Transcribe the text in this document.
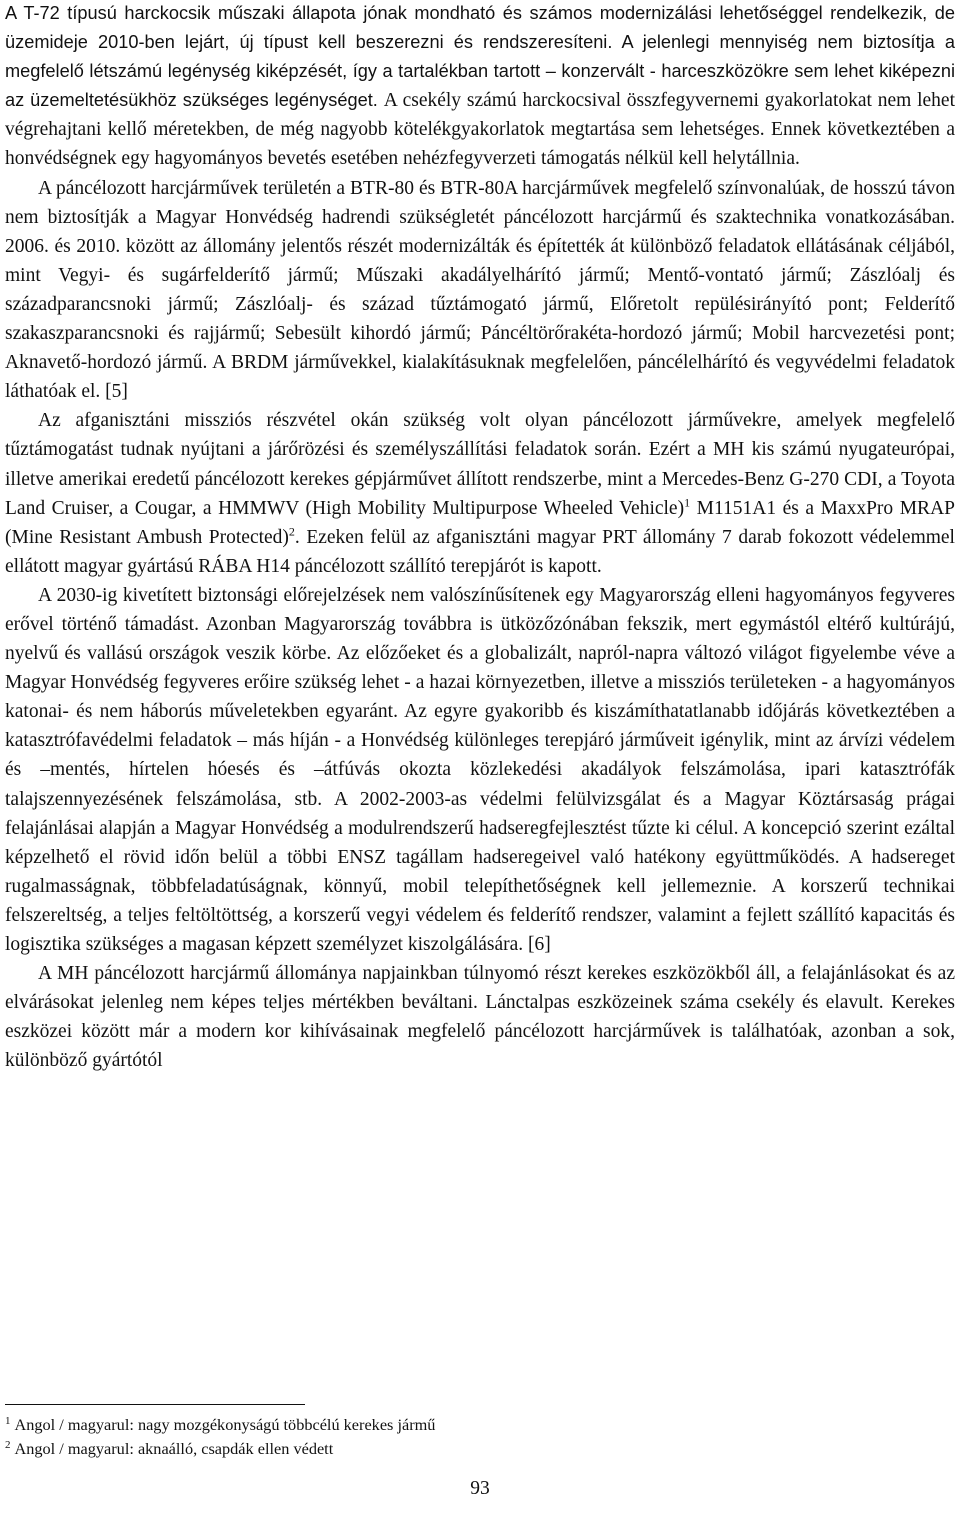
A T-72 típusú harckocsik műszaki állapota jónak mondható és számos modernizálási lehetőséggel rendelkezik, de üzemideje 2010-ben lejárt, új típust kell beszerezni és rendszeresíteni. A jelenlegi mennyiség nem biztosítja a megfelelő létszámú legénység kiképzését, így a tartalékban tartott – konzervált - harceszközökre sem lehet kiképezni az üzemeltetésükhöz szükséges legénységet. A csekély számú harckocsival összfegyvernemi gyakorlatokat nem lehet végrehajtani kellő méretekben, de még nagyobb kötelékgyakorlatok megtartása sem lehetséges. Ennek következtében a honvédségnek egy hagyományos bevetés esetében nehézfegyverzeti támogatás nélkül kell helytállnia.

A páncélozott harcjárművek területén a BTR-80 és BTR-80A harcjárművek megfelelő színvonalúak, de hosszú távon nem biztosítják a Magyar Honvédség hadrendi szükségletét páncélozott harcjármű és szaktechnika vonatkozásában. 2006. és 2010. között az állomány jelentős részét modernizálták és építették át különböző feladatok ellátásának céljából, mint Vegyi- és sugárfelderítő jármű; Műszaki akadályelhárító jármű; Mentő-vontató jármű; Zászlóalj és századparancsnoki jármű; Zászlóalj- és század tűztámogató jármű, Előretolt repülésirányító pont; Felderítő szakaszparancsnoki és rajjármű; Sebesült kihordó jármű; Páncéltörőrakéta-hordozó jármű; Mobil harcvezetési pont; Aknavető-hordozó jármű. A BRDM járművekkel, kialakításuknak megfelelően, páncélelhárító és vegyvédelmi feladatok láthatóak el. [5]

Az afganisztáni missziós részvétel okán szükség volt olyan páncélozott járművekre, amelyek megfelelő tűztámogatást tudnak nyújtani a járőrözési és személyszállítási feladatok során. Ezért a MH kis számú nyugateurópai, illetve amerikai eredetű páncélozott kerekes gépjárművet állított rendszerbe, mint a Mercedes-Benz G-270 CDI, a Toyota Land Cruiser, a Cougar, a HMMWV (High Mobility Multipurpose Wheeled Vehicle)$^1$ M1151A1 és a MaxxPro MRAP (Mine Resistant Ambush Protected)$^2$. Ezeken felül az afganisztáni magyar PRT állomány 7 darab fokozott védelemmel ellátott magyar gyártású RÁBA H14 páncélozott szállító terepjárót is kapott.

A 2030-ig kivetített biztonsági előrejelzések nem valószínűsítenek egy Magyarország elleni hagyományos fegyveres erővel történő támadást. Azonban Magyarország továbbra is ütközőzónában fekszik, mert egymástól eltérő kultúrájú, nyelvű és vallású országok veszik körbe. Az előzőeket és a globalizált, napról-napra változó világot figyelembe véve a Magyar Honvédség fegyveres erőire szükség lehet - a hazai környezetben, illetve a missziós területeken - a hagyományos katonai- és nem háborús műveletekben egyaránt. Az egyre gyakoribb és kiszámíthatatlanabb időjárás következtében a katasztrófavédelmi feladatok – más híján - a Honvédség különleges terepjáró járműveit igénylik, mint az árvízi védelem és –mentés, hírtelen hóesés és –átfúvás okozta közlekedési akadályok felszámolása, ipari katasztrófák talajszennyezésének felszámolása, stb. A 2002-2003-as védelmi felülvizsgálat és a Magyar Köztársaság prágai felajánlásai alapján a Magyar Honvédség a modulrendszerű hadseregfejlesztést tűzte ki célul. A koncepció szerint ezáltal képzelhető el rövid időn belül a többi ENSZ tagállam hadseregeivel való hatékony együttműködés. A hadsereget rugalmasságnak, többfeladatúságnak, könnyű, mobil telepíthetőségnek kell jellemeznie. A korszerű technikai felszereltség, a teljes feltöltöttség, a korszerű vegyi védelem és felderítő rendszer, valamint a fejlett szállító kapacitás és logisztika szükséges a magasan képzett személyzet kiszolgálására. [6]

A MH páncélozott harcjármű állománya napjainkban túlnyomó részt kerekes eszközökből áll, a felajánlásokat és az elvárásokat jelenleg nem képes teljes mértékben beváltani. Lánctalpas eszközeinek száma csekély és elavult. Kerekes eszközei között már a modern kor kihívásainak megfelelő páncélozott harcjárművek is találhatóak, azonban a sok, különböző gyártótól

$^1$ Angol / magyarul: nagy mozgékonyságú többcélú kerekes jármű

$^2$ Angol / magyarul: aknaálló, csapdák ellen védett

93
